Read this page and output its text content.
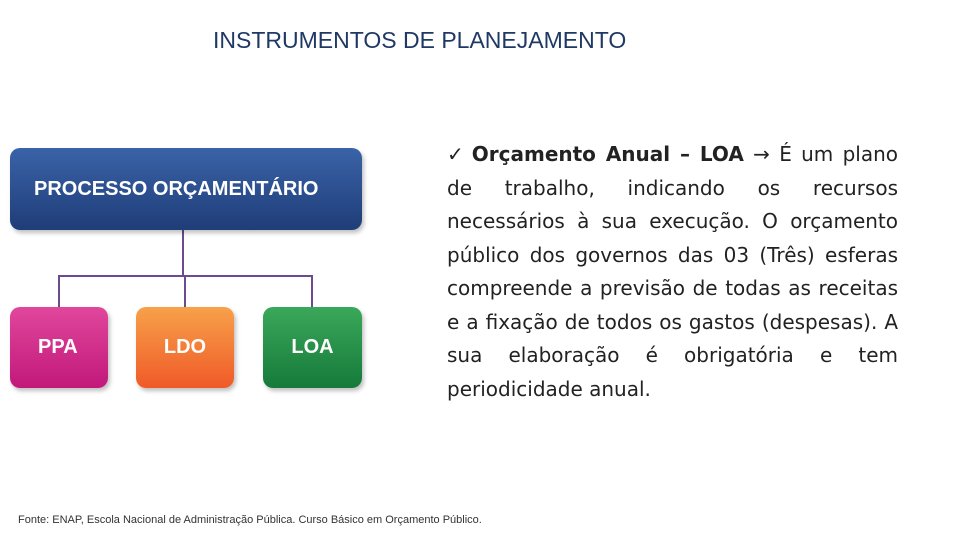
INSTRUMENTOS DE PLANEJAMENTO
PROCESSO ORÇAMENTÁRIO
PPA	LDO	LOA

✓ Orçamento Anual – LOA → É um plano de trabalho, indicando os recursos necessários à sua execução. O orçamento público dos governos das 03 (Três) esferas compreende a previsão de todas as receitas e a fixação de todos os gastos (despesas). A sua elaboração é obrigatória e tem periodicidade anual.

Fonte: ENAP, Escola Nacional de Administração Pública. Curso Básico em Orçamento Público.
